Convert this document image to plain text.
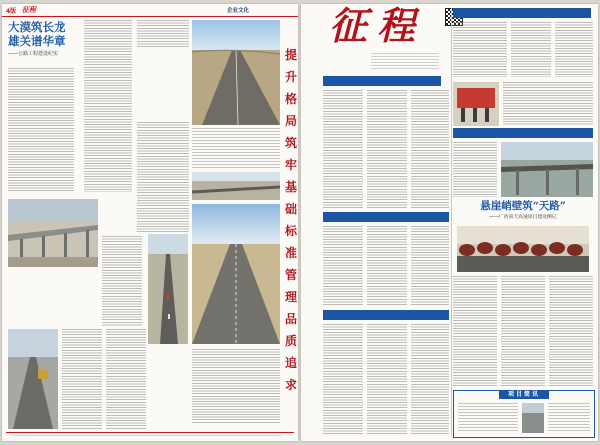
4版 征程	企业文化
大漠筑长龙 雄关谱华章
——公路工程建设纪实	提
升
格
局
筑
牢
基
础
标
准
管
理
品
质
追
求
征程
悬崖峭壁筑“天路”
——广西南天高速项目建设侧记
项目简讯
